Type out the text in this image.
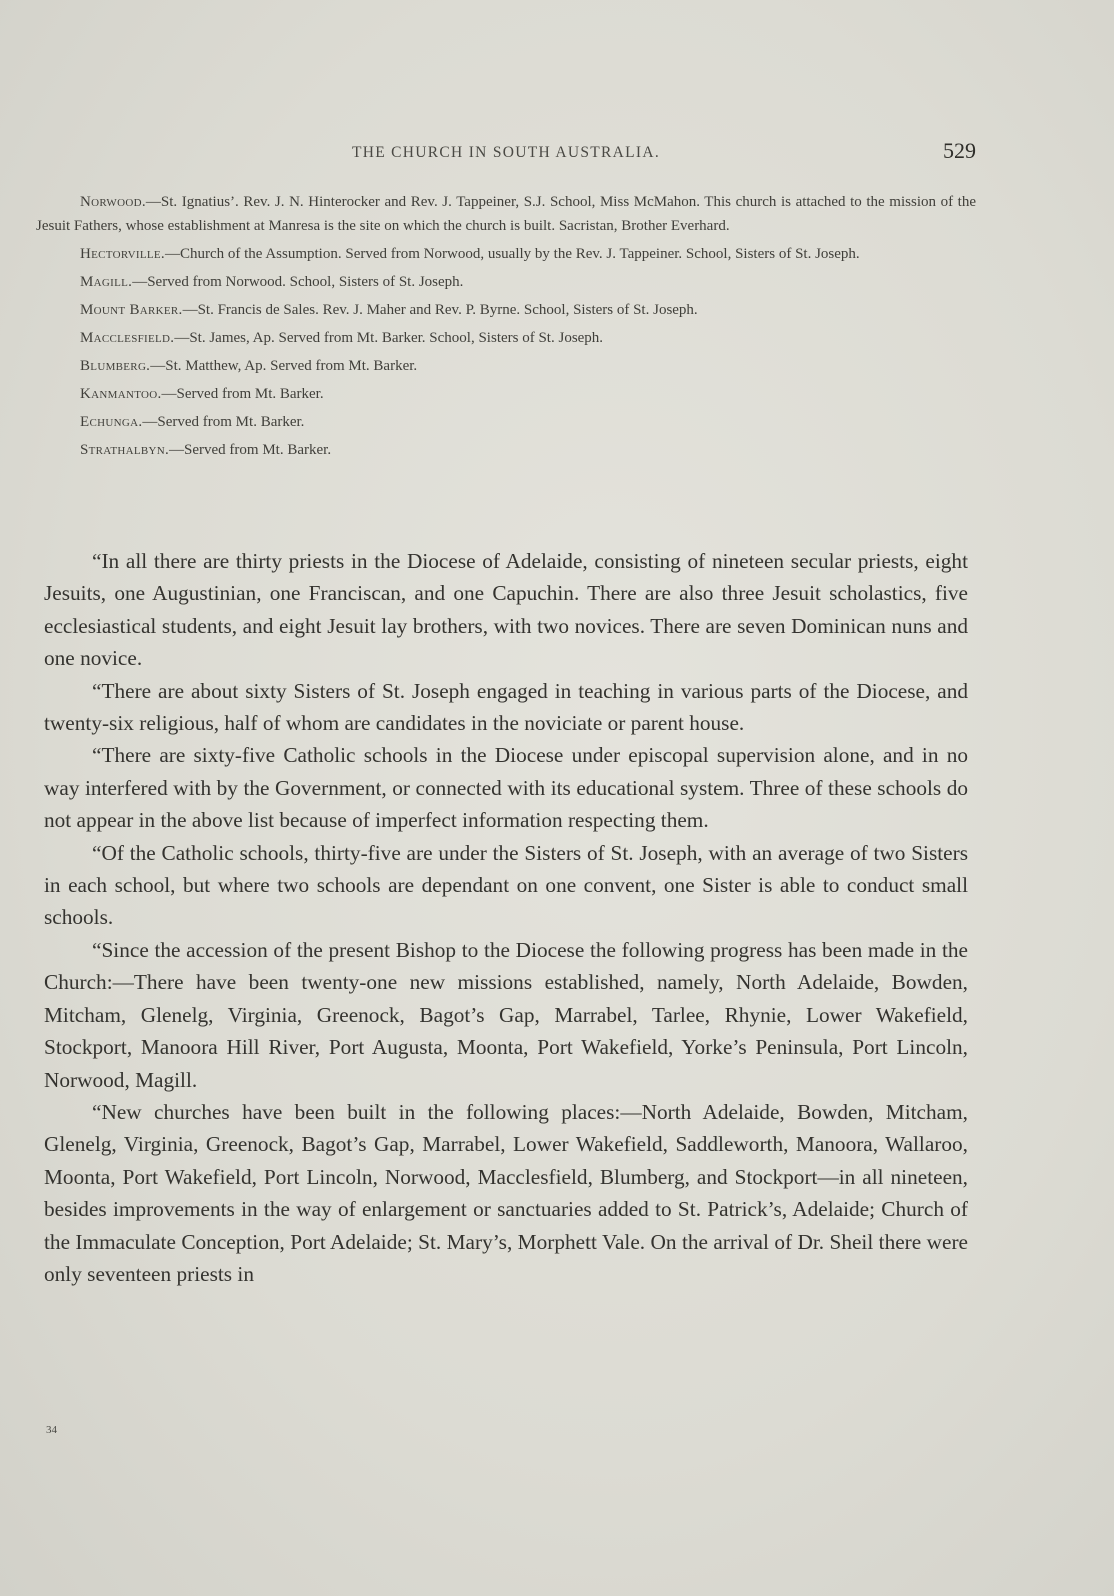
THE CHURCH IN SOUTH AUSTRALIA.	529

Norwood.—St. Ignatius’. Rev. J. N. Hinterocker and Rev. J. Tappeiner, S.J. School, Miss McMahon. This church is attached to the mission of the Jesuit Fathers, whose establishment at Manresa is the site on which the church is built. Sacristan, Brother Everhard.

Hectorville.—Church of the Assumption. Served from Norwood, usually by the Rev. J. Tappeiner. School, Sisters of St. Joseph.

Magill.—Served from Norwood. School, Sisters of St. Joseph.

Mount Barker.—St. Francis de Sales. Rev. J. Maher and Rev. P. Byrne. School, Sisters of St. Joseph.

Macclesfield.—St. James, Ap. Served from Mt. Barker. School, Sisters of St. Joseph.

Blumberg.—St. Matthew, Ap. Served from Mt. Barker.

Kanmantoo.—Served from Mt. Barker.

Echunga.—Served from Mt. Barker.

Strathalbyn.—Served from Mt. Barker.

“In all there are thirty priests in the Diocese of Adelaide, consisting of nineteen secular priests, eight Jesuits, one Augustinian, one Franciscan, and one Capuchin. There are also three Jesuit scholastics, five ecclesiastical students, and eight Jesuit lay brothers, with two novices. There are seven Dominican nuns and one novice.

“There are about sixty Sisters of St. Joseph engaged in teaching in various parts of the Diocese, and twenty-six religious, half of whom are candidates in the noviciate or parent house.

“There are sixty-five Catholic schools in the Diocese under episcopal supervision alone, and in no way interfered with by the Government, or connected with its educational system. Three of these schools do not appear in the above list because of imperfect information respecting them.

“Of the Catholic schools, thirty-five are under the Sisters of St. Joseph, with an average of two Sisters in each school, but where two schools are dependant on one convent, one Sister is able to conduct small schools.

“Since the accession of the present Bishop to the Diocese the following progress has been made in the Church:—There have been twenty-one new missions established, namely, North Adelaide, Bowden, Mitcham, Glenelg, Virginia, Greenock, Bagot’s Gap, Marrabel, Tarlee, Rhynie, Lower Wakefield, Stockport, Manoora Hill River, Port Augusta, Moonta, Port Wakefield, Yorke’s Peninsula, Port Lincoln, Norwood, Magill.

“New churches have been built in the following places:—North Adelaide, Bowden, Mitcham, Glenelg, Virginia, Greenock, Bagot’s Gap, Marrabel, Lower Wakefield, Saddleworth, Manoora, Wallaroo, Moonta, Port Wakefield, Port Lincoln, Norwood, Macclesfield, Blumberg, and Stockport—in all nineteen, besides improvements in the way of enlargement or sanctuaries added to St. Patrick’s, Adelaide; Church of the Immaculate Conception, Port Adelaide; St. Mary’s, Morphett Vale. On the arrival of Dr. Sheil there were only seventeen priests in

34
